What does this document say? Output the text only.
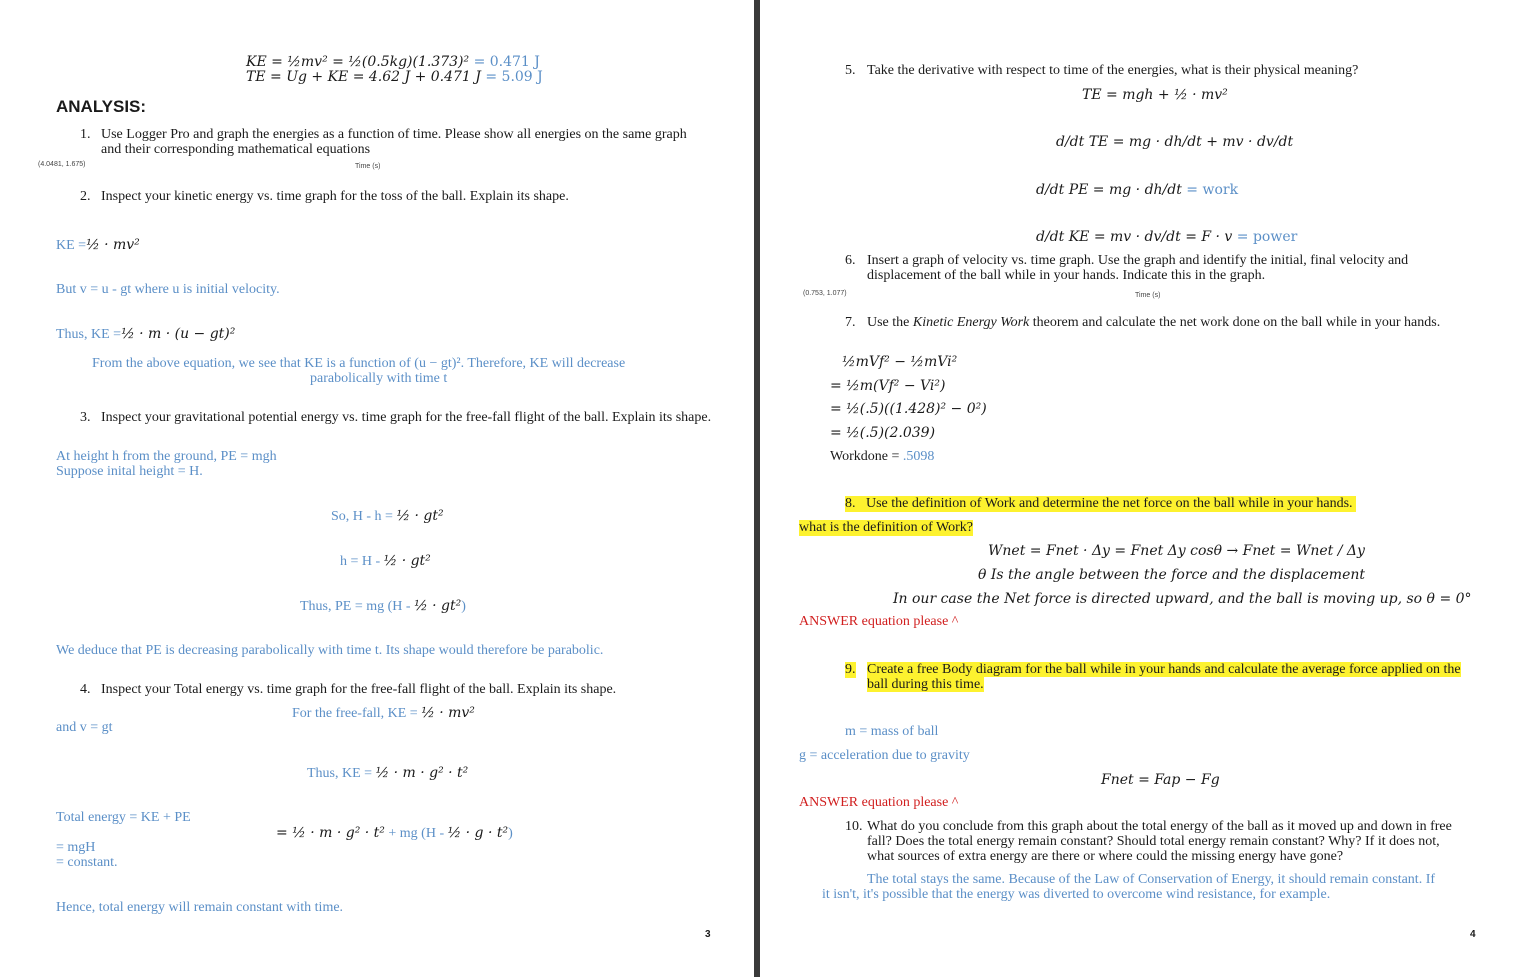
KE = ½mv² = ½(0.5kg)(1.373)² = 0.471 J
TE = Ug + KE = 4.62 J + 0.471 J = 5.09 J
ANALYSIS:
1. Use Logger Pro and graph the energies as a function of time. Please show all energies on the same graph and their corresponding mathematical equations
(4.0481, 1.675)	Time (s)
2. Inspect your kinetic energy vs. time graph for the toss of the ball. Explain its shape.
KE =½ · mv²
But v = u - gt where u is initial velocity.
Thus, KE =½ · m · (u − gt)²
From the above equation, we see that KE is a function of (u − gt)². Therefore, KE will decrease
parabolically with time t
3. Inspect your gravitational potential energy vs. time graph for the free-fall flight of the ball. Explain its shape.
At height h from the ground, PE = mgh
Suppose inital height = H.
So, H - h = ½ · gt²
h = H - ½ · gt²
Thus, PE = mg (H - ½ · gt²)
We deduce that PE is decreasing parabolically with time t. Its shape would therefore be parabolic.
4. Inspect your Total energy vs. time graph for the free-fall flight of the ball. Explain its shape.
For the free-fall, KE = ½ · mv²
and v = gt
Thus, KE = ½ · m · g² · t²
Total energy = KE + PE
= ½ · m · g² · t² + mg (H - ½ · g · t²)
= mgH
= constant.
Hence, total energy will remain constant with time.
3
5. Take the derivative with respect to time of the energies, what is their physical meaning?
TE = mgh + ½ · mv²
d/dt TE = mg · dh/dt + mv · dv/dt
d/dt PE = mg · dh/dt = work
d/dt KE = mv · dv/dt = F · v = power
6. Insert a graph of velocity vs. time graph. Use the graph and identify the initial, final velocity and displacement of the ball while in your hands. Indicate this in the graph.
(0.753, 1.077)	Time (s)
7. Use the Kinetic Energy Work theorem and calculate the net work done on the ball while in your hands.
½mVf² − ½mVi²
= ½m(Vf² − Vi²)
= ½(.5)((1.428)² − 0²)
= ½(.5)(2.039)
Workdone = .5098
8. Use the definition of Work and determine the net force on the ball while in your hands.
what is the definition of Work?
Wnet = Fnet · Δy = Fnet Δy cosθ → Fnet = Wnet / Δy
θ Is the angle between the force and the displacement
In our case the Net force is directed upward, and the ball is moving up, so θ = 0°
ANSWER equation please ^
9. Create a free Body diagram for the ball while in your hands and calculate the average force applied on the ball during this time.
m = mass of ball
g = acceleration due to gravity
Fnet = Fap − Fg
ANSWER equation please ^
10. What do you conclude from this graph about the total energy of the ball as it moved up and down in free fall? Does the total energy remain constant? Should total energy remain constant? Why? If it does not, what sources of extra energy are there or where could the missing energy have gone?
The total stays the same. Because of the Law of Conservation of Energy, it should remain constant. If
it isn't, it's possible that the energy was diverted to overcome wind resistance, for example.
4
